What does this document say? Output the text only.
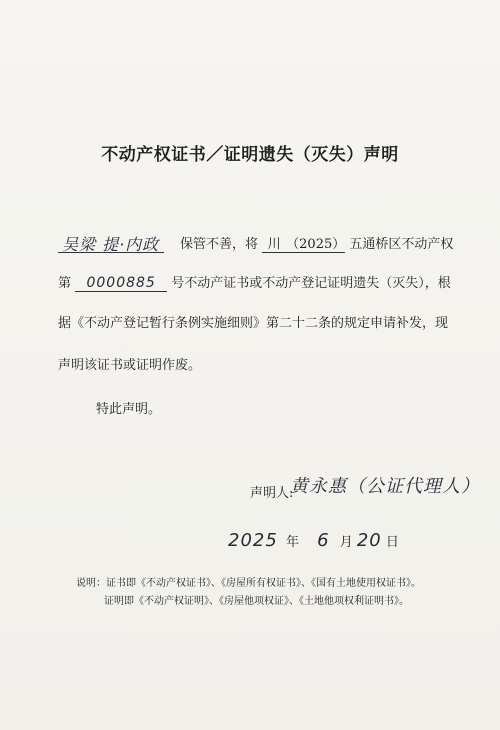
不动产权证书／证明遗失（灭失）声明
吴梁 提·内政 保管不善，将 川 （2025） 五通桥区不动产权
第 0000885 号不动产证书或不动产登记证明遗失（灭失），根
据《不动产登记暂行条例实施细则》第二十二条的规定申请补发，现
声明该证书或证明作废。
特此声明。
声明人:
黄永惠（公证代理人）
2025 年 6 月 20 日
说明：证书即《不动产权证书》、《房屋所有权证书》、《国有土地使用权证书》。
证明即《不动产权证明》、《房屋他项权证》、《土地他项权利证明书》。
